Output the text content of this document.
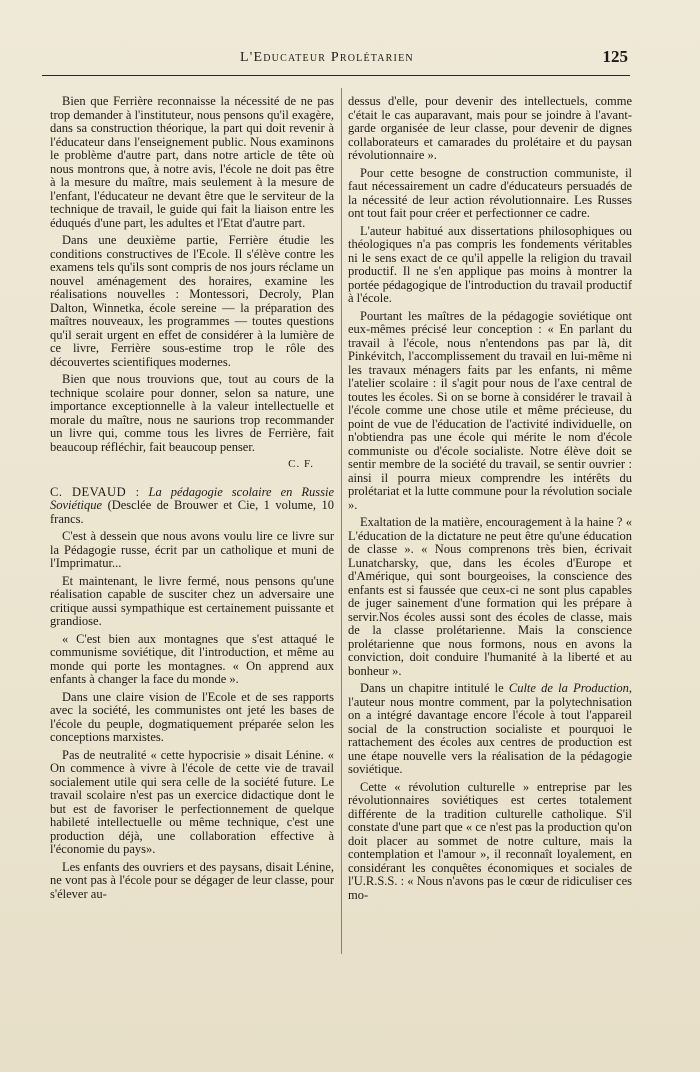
L'Educateur Prolétarien	125

Bien que Ferrière reconnaisse la nécessité de ne pas trop demander à l'instituteur, nous pensons qu'il exagère, dans sa construction théorique, la part qui doit revenir à l'éducateur dans l'enseignement public. Nous examinons le problème d'autre part, dans notre article de tête où nous montrons que, à notre avis, l'école ne doit pas être à la mesure du maître, mais seulement à la mesure de l'enfant, l'éducateur ne devant être que le serviteur de la technique de travail, le guide qui fait la liaison entre les éduqués d'une part, les adultes et l'Etat d'autre part.

Dans une deuxième partie, Ferrière étudie les conditions constructives de l'Ecole. Il s'élève contre les examens tels qu'ils sont compris de nos jours réclame un nouvel aménagement des horaires, examine les réalisations nouvelles : Montessori, Decroly, Plan Dalton, Winnetka, école sereine — la préparation des maîtres nouveaux, les programmes — toutes questions qu'il serait urgent en effet de considérer à la lumière de ce livre, Ferrière sous-estime trop le rôle des découvertes scientifiques modernes.

Bien que nous trouvions que, tout au cours de la technique scolaire pour donner, selon sa nature, une importance exceptionnelle à la valeur intellectuelle et morale du maître, nous ne saurions trop recommander un livre qui, comme tous les livres de Ferrière, fait beaucoup réfléchir, fait beaucoup penser.

C. F.

C. DEVAUD : La pédagogie scolaire en Russie Soviétique (Desclée de Brouwer et Cie, 1 volume, 10 francs.

C'est à dessein que nous avons voulu lire ce livre sur la Pédagogie russe, écrit par un catholique et muni de l'Imprimatur...

Et maintenant, le livre fermé, nous pensons qu'une réalisation capable de susciter chez un adversaire une critique aussi sympathique est certainement puissante et grandiose.

« C'est bien aux montagnes que s'est attaqué le communisme soviétique, dit l'introduction, et même au monde qui porte les montagnes. « On apprend aux enfants à changer la face du monde ».

Dans une claire vision de l'Ecole et de ses rapports avec la société, les communistes ont jeté les bases de l'école du peuple, dogmatiquement préparée selon les conceptions marxistes.

Pas de neutralité « cette hypocrisie » disait Lénine. « On commence à vivre à l'école de cette vie de travail socialement utile qui sera celle de la société future. Le travail scolaire n'est pas un exercice didactique dont le but est de favoriser le perfectionnement de quelque habileté intellectuelle ou même technique, c'est une production déjà, une collaboration effective à l'économie du pays».

Les enfants des ouvriers et des paysans, disait Lénine, ne vont pas à l'école pour se dégager de leur classe, pour s'élever au-

dessus d'elle, pour devenir des intellectuels, comme c'était le cas auparavant, mais pour se joindre à l'avant-garde organisée de leur classe, pour devenir de dignes collaborateurs et camarades du prolétaire et du paysan révolutionnaire ».

Pour cette besogne de construction communiste, il faut nécessairement un cadre d'éducateurs persuadés de la nécessité de leur action révolutionnaire. Les Russes ont tout fait pour créer et perfectionner ce cadre.

L'auteur habitué aux dissertations philosophiques ou théologiques n'a pas compris les fondements véritables ni le sens exact de ce qu'il appelle la religion du travail productif. Il ne s'en applique pas moins à montrer la portée pédagogique de l'introduction du travail productif à l'école.

Pourtant les maîtres de la pédagogie soviétique ont eux-mêmes précisé leur conception : « En parlant du travail à l'école, nous n'entendons pas par là, dit Pinkévitch, l'accomplissement du travail en lui-même ni les travaux ménagers faits par les enfants, ni même l'atelier scolaire : il s'agit pour nous de l'axe central de toutes les écoles. Si on se borne à considérer le travail à l'école comme une chose utile et même précieuse, du point de vue de l'éducation de l'activité individuelle, on n'obtiendra pas une école qui mérite le nom d'école communiste ou d'école socialiste. Notre élève doit se sentir membre de la société du travail, se sentir ouvrier : ainsi il pourra mieux comprendre les intérêts du prolétariat et la lutte commune pour la révolution sociale ».

Exaltation de la matière, encouragement à la haine ? « L'éducation de la dictature ne peut être qu'une éducation de classe ». « Nous comprenons très bien, écrivait Lunatcharsky, que, dans les écoles d'Europe et d'Amérique, qui sont bourgeoises, la conscience des enfants est si faussée que ceux-ci ne sont plus capables de juger sainement d'une formation qui les prépare à servir.Nos écoles aussi sont des écoles de classe, mais de la classe prolétarienne. Mais la conscience prolétarienne que nous formons, nous en avons la conviction, doit conduire l'humanité à la liberté et au bonheur ».

Dans un chapitre intitulé le Culte de la Production, l'auteur nous montre comment, par la polytechnisation on a intégré davantage encore l'école à tout l'appareil social de la construction socialiste et pourquoi le rattachement des écoles aux centres de production est une étape nouvelle vers la réalisation de la pédagogie soviétique.

Cette « révolution culturelle » entreprise par les révolutionnaires soviétiques est certes totalement différente de la tradition culturelle catholique. S'il constate d'une part que « ce n'est pas la production qu'on doit placer au sommet de notre culture, mais la contemplation et l'amour », il reconnaît loyalement, en considérant les conquêtes économiques et sociales de l'U.R.S.S. : « Nous n'avons pas le cœur de ridiculiser ces mo-
